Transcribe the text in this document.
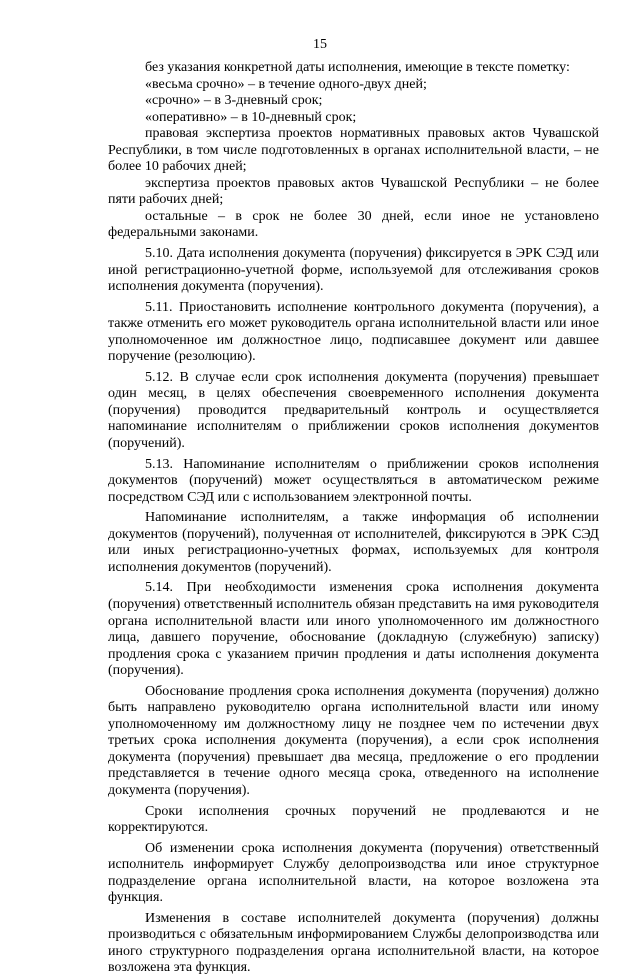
15

без указания конкретной даты исполнения, имеющие в тексте пометку:

«весьма срочно» – в течение одного-двух дней;

«срочно» – в 3-дневный срок;

«оперативно» – в 10-дневный срок;

правовая экспертиза проектов нормативных правовых актов Чувашской Республики, в том числе подготовленных в органах исполнительной власти, – не более 10 рабочих дней;

экспертиза проектов правовых актов Чувашской Республики – не более пяти рабочих дней;

остальные – в срок не более 30 дней, если иное не установлено федеральными законами.

5.10. Дата исполнения документа (поручения) фиксируется в ЭРК СЭД или иной регистрационно-учетной форме, используемой для отслеживания сроков исполнения документа (поручения).

5.11. Приостановить исполнение контрольного документа (поручения), а также отменить его может руководитель органа исполнительной власти или иное уполномоченное им должностное лицо, подписавшее документ или давшее поручение (резолюцию).

5.12. В случае если срок исполнения документа (поручения) превышает один месяц, в целях обеспечения своевременного исполнения документа (поручения) проводится предварительный контроль и осуществляется напоминание исполнителям о приближении сроков исполнения документов (поручений).

5.13. Напоминание исполнителям о приближении сроков исполнения документов (поручений) может осуществляться в автоматическом режиме посредством СЭД или с использованием электронной почты.

Напоминание исполнителям, а также информация об исполнении документов (поручений), полученная от исполнителей, фиксируются в ЭРК СЭД или иных регистрационно-учетных формах, используемых для контроля исполнения документов (поручений).

5.14. При необходимости изменения срока исполнения документа (поручения) ответственный исполнитель обязан представить на имя руководителя органа исполнительной власти или иного уполномоченного им должностного лица, давшего поручение, обоснование (докладную (служебную) записку) продления срока с указанием причин продления и даты исполнения документа (поручения).

Обоснование продления срока исполнения документа (поручения) должно быть направлено руководителю органа исполнительной власти или иному уполномоченному им должностному лицу не позднее чем по истечении двух третьих срока исполнения документа (поручения), а если срок исполнения документа (поручения) превышает два месяца, предложение о его продлении представляется в течение одного месяца срока, отведенного на исполнение документа (поручения).

Сроки исполнения срочных поручений не продлеваются и не корректируются.

Об изменении срока исполнения документа (поручения) ответственный исполнитель информирует Службу делопроизводства или иное структурное подразделение органа исполнительной власти, на которое возложена эта функция.

Изменения в составе исполнителей документа (поручения) должны производиться с обязательным информированием Службы делопроизводства или иного структурного подразделения органа исполнительной власти, на которое возложена эта функция.
